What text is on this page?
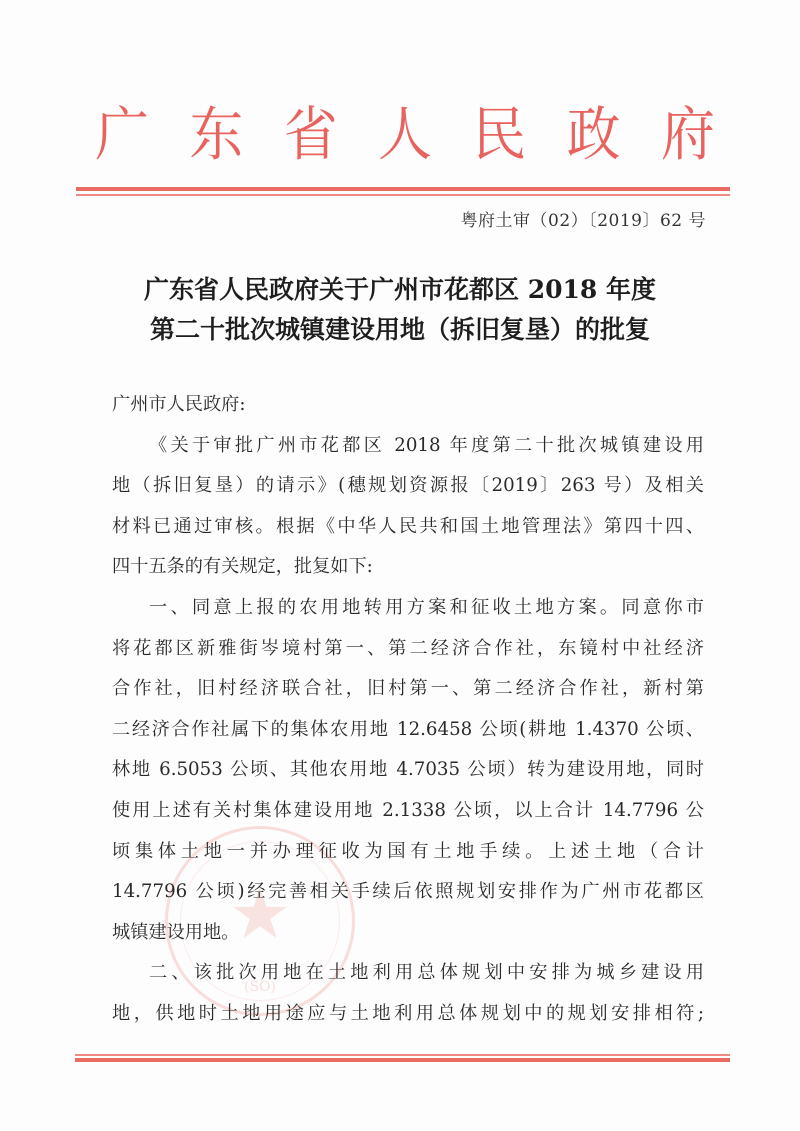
广 东 省 人 民 政 府
粤府土审（02）〔2019〕62 号
广东省人民政府关于广州市花都区 2018 年度
第二十批次城镇建设用地（拆旧复垦）的批复
★
(SO)
广州市人民政府:
《关于审批广州市花都区 2018 年度第二十批次城镇建设用
地（拆旧复垦）的请示》(穗规划资源报〔2019〕263 号）及相关
材料已通过审核。根据《中华人民共和国土地管理法》第四十四、
四十五条的有关规定，批复如下:
一、同意上报的农用地转用方案和征收土地方案。同意你市
将花都区新雅街岑境村第一、第二经济合作社，东镜村中社经济
合作社，旧村经济联合社，旧村第一、第二经济合作社，新村第
二经济合作社属下的集体农用地 12.6458 公顷(耕地 1.4370 公顷、
林地 6.5053 公顷、其他农用地 4.7035 公顷）转为建设用地，同时
使用上述有关村集体建设用地 2.1338 公顷，以上合计 14.7796 公
顷集体土地一并办理征收为国有土地手续。上述土地（合计
14.7796 公顷)经完善相关手续后依照规划安排作为广州市花都区
城镇建设用地。
二、该批次用地在土地利用总体规划中安排为城乡建设用
地，供地时土地用途应与土地利用总体规划中的规划安排相符;
